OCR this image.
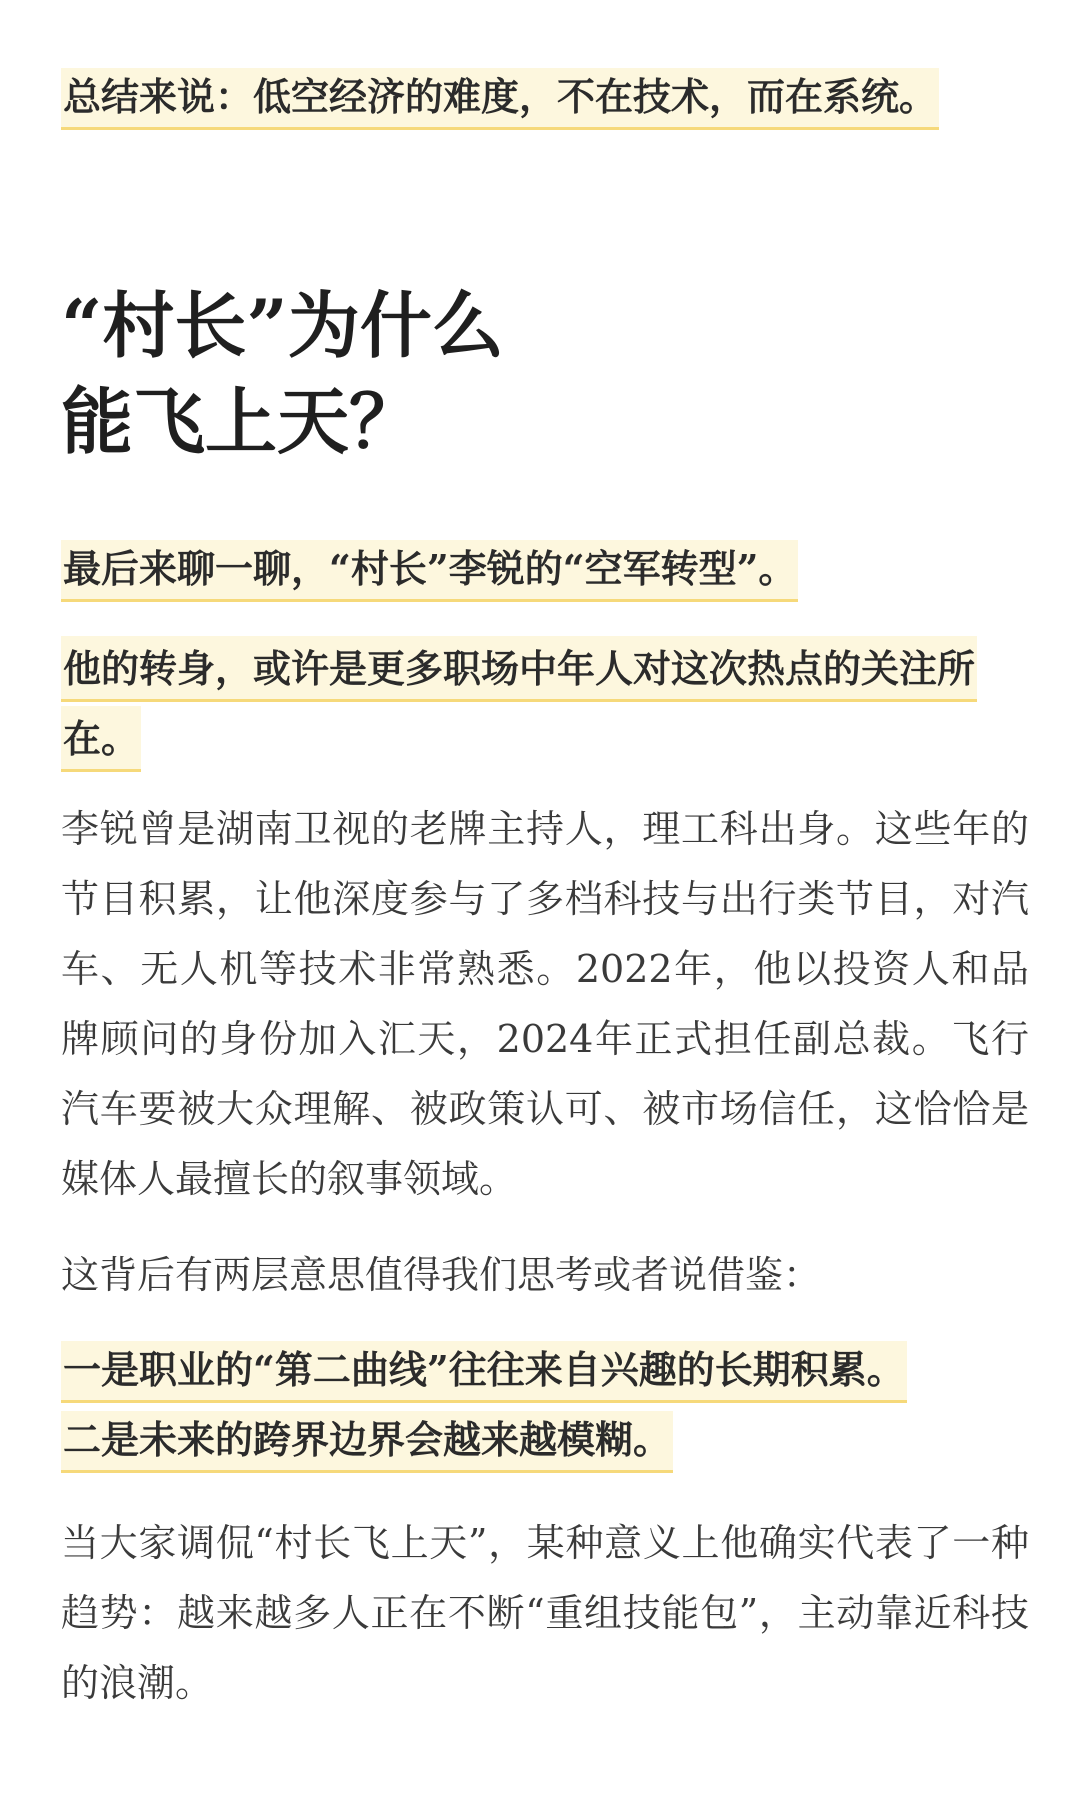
总结来说：低空经济的难度，不在技术，而在系统。
“村长”为什么
能飞上天？
最后来聊一聊，“村长”李锐的“空军转型”。
他的转身，或许是更多职场中年人对这次热点的关注所在。

李锐曾是湖南卫视的老牌主持人，理工科出身。这些年的节目积累，让他深度参与了多档科技与出行类节目，对汽车、无人机等技术非常熟悉。2022年，他以投资人和品牌顾问的身份加入汇天，2024年正式担任副总裁。飞行汽车要被大众理解、被政策认可、被市场信任，这恰恰是媒体人最擅长的叙事领域。

这背后有两层意思值得我们思考或者说借鉴：

一是职业的“第二曲线”往往来自兴趣的长期积累。
二是未来的跨界边界会越来越模糊。

当大家调侃“村长飞上天”，某种意义上他确实代表了一种趋势：越来越多人正在不断“重组技能包”，主动靠近科技的浪潮。
